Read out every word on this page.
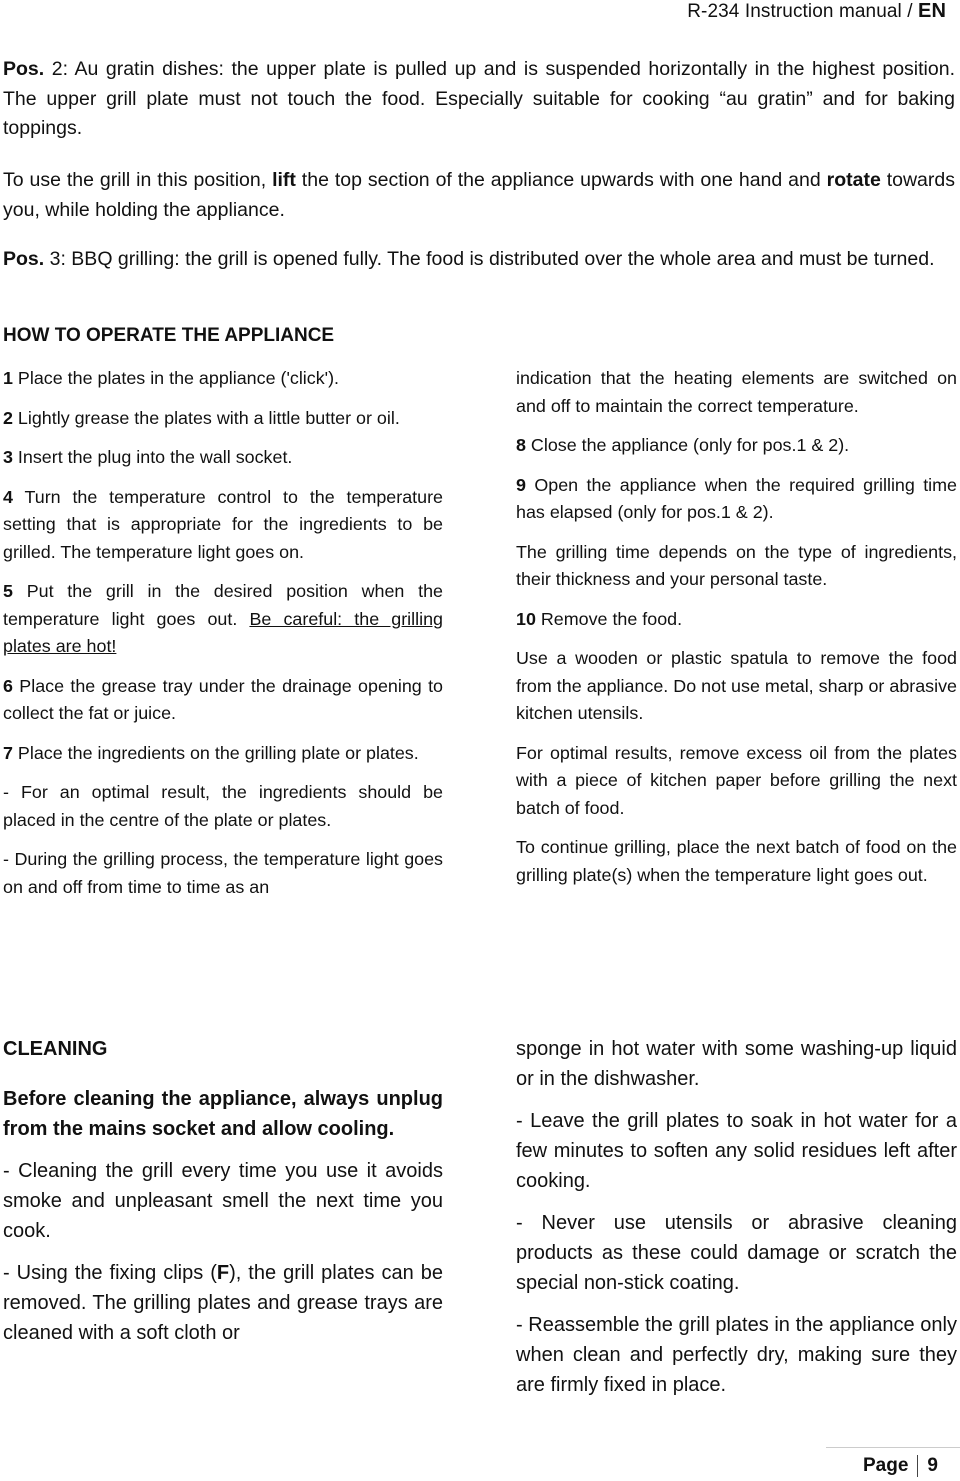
R-234 Instruction manual / EN

Pos. 2: Au gratin dishes: the upper plate is pulled up and is suspended horizontally in the highest position. The upper grill plate must not touch the food. Especially suitable for cooking “au gratin” and for baking toppings.

To use the grill in this position, lift the top section of the appliance upwards with one hand and rotate towards you, while holding the appliance.

Pos. 3: BBQ grilling: the grill is opened fully. The food is distributed over the whole area and must be turned.

HOW TO OPERATE THE APPLIANCE

1 Place the plates in the appliance ('click').

2 Lightly grease the plates with a little butter or oil.

3 Insert the plug into the wall socket.

4 Turn the temperature control to the temperature setting that is appropriate for the ingredients to be grilled. The temperature light goes on.

5 Put the grill in the desired position when the temperature light goes out. Be careful: the grilling plates are hot!

6 Place the grease tray under the drainage opening to collect the fat or juice.

7 Place the ingredients on the grilling plate or plates.

- For an optimal result, the ingredients should be placed in the centre of the plate or plates.

- During the grilling process, the temperature light goes on and off from time to time as an

indication that the heating elements are switched on and off to maintain the correct temperature.

8 Close the appliance (only for pos.1 & 2).

9 Open the appliance when the required grilling time has elapsed (only for pos.1 & 2).

The grilling time depends on the type of ingredients, their thickness and your personal taste.

10 Remove the food.

Use a wooden or plastic spatula to remove the food from the appliance. Do not use metal, sharp or abrasive kitchen utensils.

For optimal results, remove excess oil from the plates with a piece of kitchen paper before grilling the next batch of food.

To continue grilling, place the next batch of food on the grilling plate(s) when the temperature light goes out.

CLEANING

Before cleaning the appliance, always unplug from the mains socket and allow cooling.

- Cleaning the grill every time you use it avoids smoke and unpleasant smell the next time you cook.

- Using the fixing clips (F), the grill plates can be removed. The grilling plates and grease trays are cleaned with a soft cloth or

sponge in hot water with some washing-up liquid or in the dishwasher.

- Leave the grill plates to soak in hot water for a few minutes to soften any solid residues left after cooking.

- Never use utensils or abrasive cleaning products as these could damage or scratch the special non-stick coating.

- Reassemble the grill plates in the appliance only when clean and perfectly dry, making sure they are firmly fixed in place.

Page 9
